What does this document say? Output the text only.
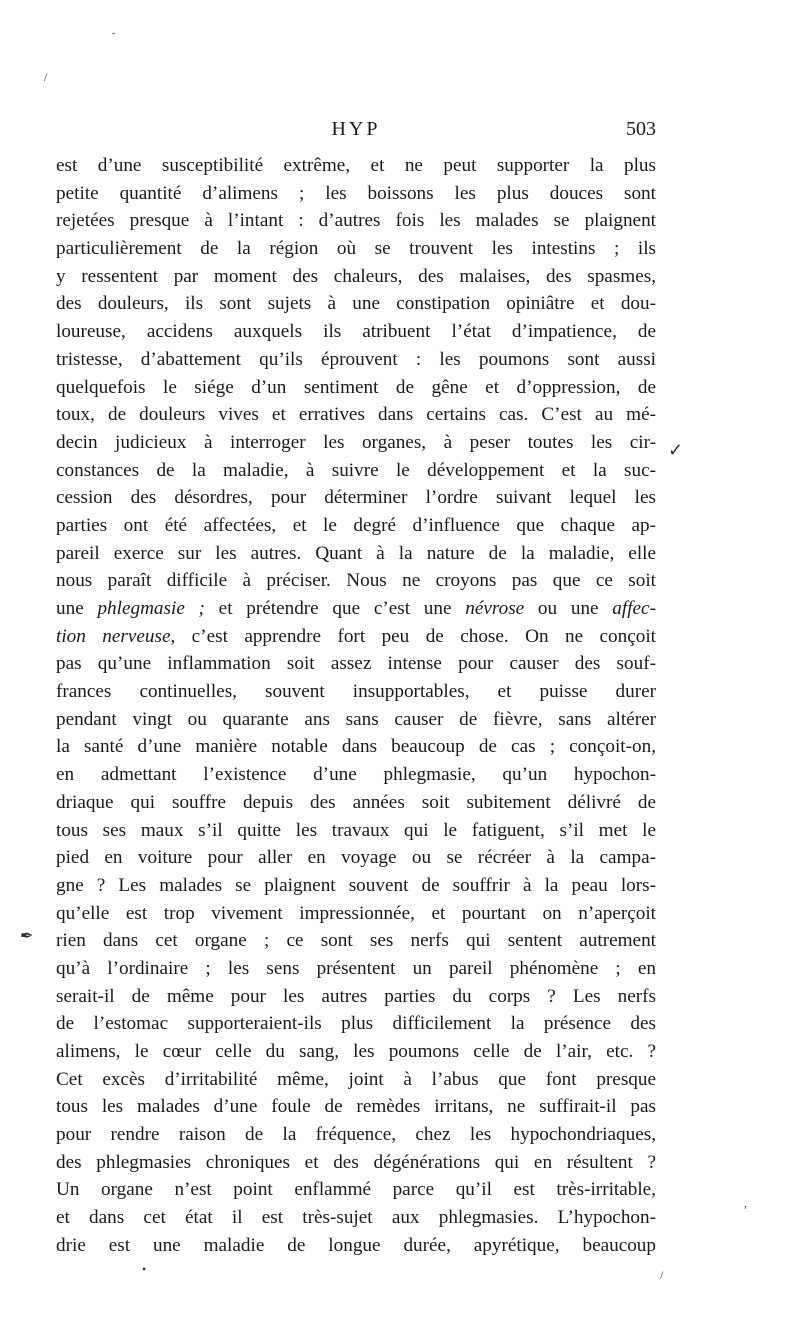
HYP	503
est d’une susceptibilité extrême, et ne peut supporter la plus
petite quantité d’alimens ; les boissons les plus douces sont
rejetées presque à l’intant : d’autres fois les malades se plaignent
particulièrement de la région où se trouvent les intestins ; ils
y ressentent par moment des chaleurs, des malaises, des spasmes,
des douleurs, ils sont sujets à une constipation opiniâtre et dou-
loureuse, accidens auxquels ils atribuent l’état d’impatience, de
tristesse, d’abattement qu’ils éprouvent : les poumons sont aussi
quelquefois le siége d’un sentiment de gêne et d’oppression, de
toux, de douleurs vives et erratives dans certains cas. C’est au mé-
decin judicieux à interroger les organes, à peser toutes les cir-
constances de la maladie, à suivre le développement et la suc-
cession des désordres, pour déterminer l’ordre suivant lequel les
parties ont été affectées, et le degré d’influence que chaque ap-
pareil exerce sur les autres. Quant à la nature de la maladie, elle
nous paraît difficile à préciser. Nous ne croyons pas que ce soit
une phlegmasie ; et prétendre que c’est une névrose ou une affec-
tion nerveuse, c’est apprendre fort peu de chose. On ne conçoit
pas qu’une inflammation soit assez intense pour causer des souf-
frances continuelles, souvent insupportables, et puisse durer
pendant vingt ou quarante ans sans causer de fièvre, sans altérer
la santé d’une manière notable dans beaucoup de cas ; conçoit-on,
en admettant l’existence d’une phlegmasie, qu’un hypochon-
driaque qui souffre depuis des années soit subitement délivré de
tous ses maux s’il quitte les travaux qui le fatiguent, s’il met le
pied en voiture pour aller en voyage ou se récréer à la campa-
gne ? Les malades se plaignent souvent de souffrir à la peau lors-
qu’elle est trop vivement impressionnée, et pourtant on n’aperçoit
rien dans cet organe ; ce sont ses nerfs qui sentent autrement
qu’à l’ordinaire ; les sens présentent un pareil phénomène ; en
serait-il de même pour les autres parties du corps ? Les nerfs
de l’estomac supporteraient-ils plus difficilement la présence des
alimens, le cœur celle du sang, les poumons celle de l’air, etc. ?
Cet excès d’irritabilité même, joint à l’abus que font presque
tous les malades d’une foule de remèdes irritans, ne suffirait-il pas
pour rendre raison de la fréquence, chez les hypochondriaques,
des phlegmasies chroniques et des dégénérations qui en résultent ?
Un organe n’est point enflammé parce qu’il est très-irritable,
et dans cet état il est très-sujet aux phlegmasies. L’hypochon-
drie est une maladie de longue durée, apyrétique, beaucoup
-
/
✓
✒
•	/
,
